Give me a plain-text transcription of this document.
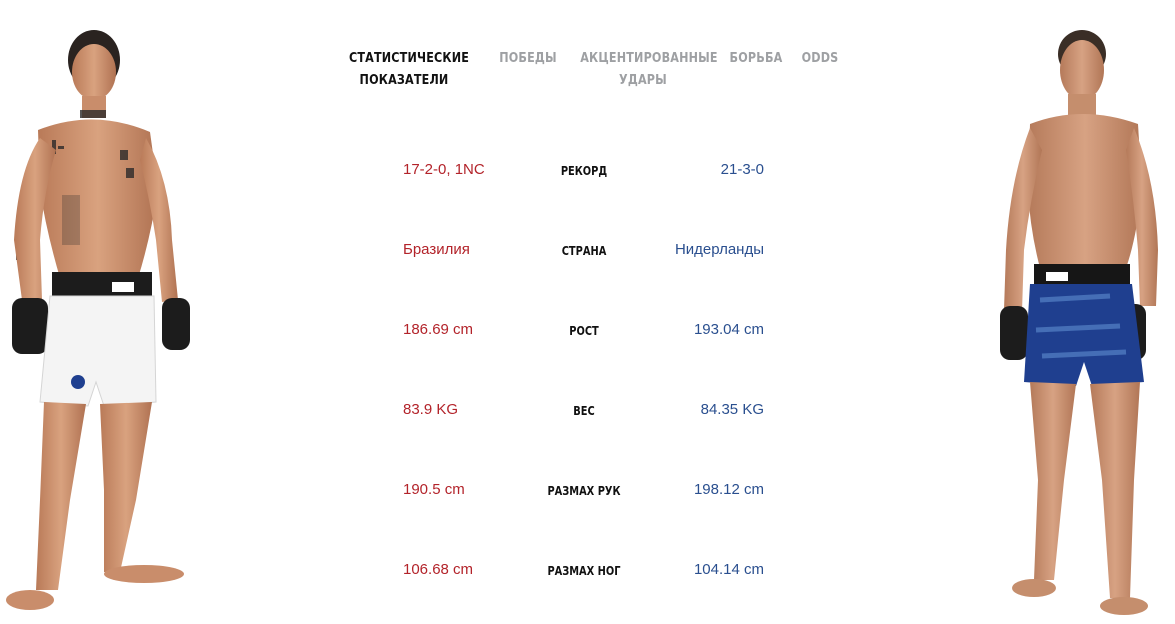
СТАТИСТИЧЕСКИЕ
ПОКАЗАТЕЛИ
ПОБЕДЫ	АКЦЕНТИРОВАННЫЕ
УДАРЫ
БОРЬБА ODDS
17-2-0, 1NC	РЕКОРД	21-3-0
Бразилия	СТРАНА	Нидерланды
186.69 cm	РОСТ	193.04 cm
83.9 KG	ВЕС	84.35 KG
190.5 cm	РАЗМАХ РУК	198.12 cm
106.68 cm	РАЗМАХ НОГ	104.14 cm
